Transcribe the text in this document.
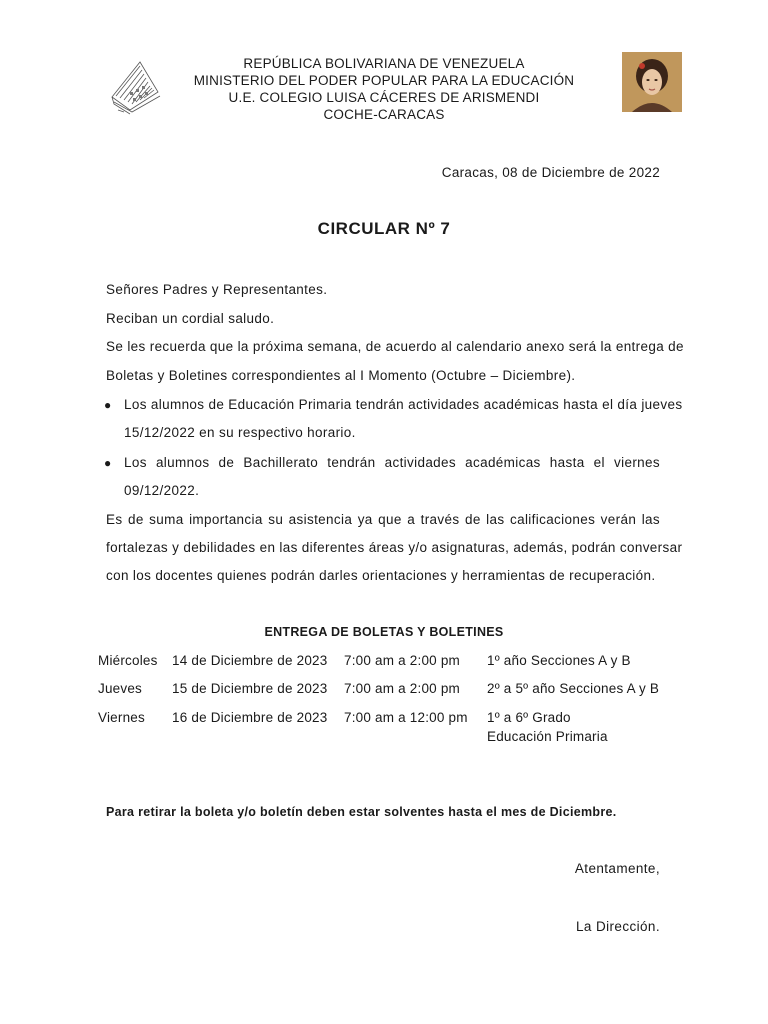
REPÚBLICA BOLIVARIANA DE VENEZUELA
MINISTERIO DEL PODER POPULAR PARA LA EDUCACIÓN
U.E. COLEGIO LUISA CÁCERES DE ARISMENDI
COCHE-CARACAS
Caracas, 08 de Diciembre de 2022
CIRCULAR Nº 7
Señores Padres y Representantes.
Reciban un cordial saludo.
Se les recuerda que la próxima semana, de acuerdo al calendario anexo será la entrega de
Boletas y Boletines correspondientes al I Momento (Octubre – Diciembre).
● Los alumnos de Educación Primaria tendrán actividades académicas hasta el día jueves
15/12/2022 en su respectivo horario.
● Los alumnos de Bachillerato tendrán actividades académicas hasta el viernes
09/12/2022.
Es de suma importancia su asistencia ya que a través de las calificaciones verán las
fortalezas y debilidades en las diferentes áreas y/o asignaturas, además, podrán conversar
con los docentes quienes podrán darles orientaciones y herramientas de recuperación.
ENTREGA DE BOLETAS Y BOLETINES
Miércoles 14 de Diciembre de 2023 7:00 am a 2:00 pm 1º año Secciones A y B
Jueves 15 de Diciembre de 2023 7:00 am a 2:00 pm 2º a 5º año Secciones A y B
Viernes 16 de Diciembre de 2023 7:00 am a 12:00 pm 1º a 6º Grado
Educación Primaria
Para retirar la boleta y/o boletín deben estar solventes hasta el mes de Diciembre.
Atentamente,
La Dirección.
